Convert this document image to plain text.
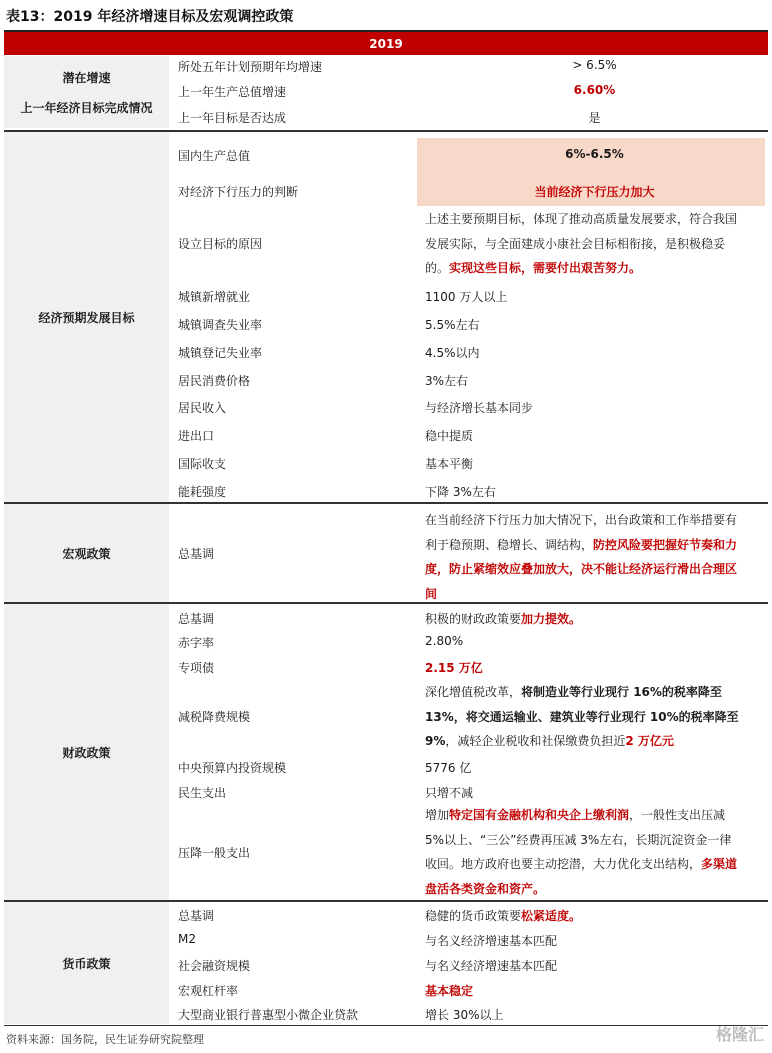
表13：2019 年经济增速目标及宏观调控政策
2019
潜在增速
上一年经济目标完成情况
所处五年计划预期年均增速	> 6.5%
上一年生产总值增速	6.60%
上一年目标是否达成	是
经济预期发展目标
国内生产总值	6%-6.5%
对经济下行压力的判断	当前经济下行压力加大
设立目标的原因
上述主要预期目标，体现了推动高质量发展要求，符合我国
发展实际，与全面建成小康社会目标相衔接，是积极稳妥
的。实现这些目标，需要付出艰苦努力。
城镇新增就业	1100 万人以上
城镇调查失业率	5.5%左右
城镇登记失业率	4.5%以内
居民消费价格	3%左右
居民收入	与经济增长基本同步
进出口	稳中提质
国际收支	基本平衡
能耗强度	下降 3%左右
宏观政策	总基调
在当前经济下行压力加大情况下，出台政策和工作举措要有
利于稳预期、稳增长、调结构，防控风险要把握好节奏和力
度，防止紧缩效应叠加放大，决不能让经济运行滑出合理区
间
财政政策
总基调	积极的财政政策要加力提效。
赤字率	2.80%
专项债	2.15 万亿
减税降费规模
深化增值税改革，将制造业等行业现行 16%的税率降至
13%，将交通运输业、建筑业等行业现行 10%的税率降至
9%，减轻企业税收和社保缴费负担近2 万亿元
中央预算内投资规模	5776 亿
民生支出	只增不减
压降一般支出
增加特定国有金融机构和央企上缴利润，一般性支出压减
5%以上、“三公”经费再压减 3%左右，长期沉淀资金一律
收回。地方政府也要主动挖潜，大力优化支出结构，多渠道
盘活各类资金和资产。
货币政策
总基调	稳健的货币政策要松紧适度。
M2	与名义经济增速基本匹配
社会融资规模	与名义经济增速基本匹配
宏观杠杆率	基本稳定
大型商业银行普惠型小微企业贷款	增长 30%以上
资料来源：国务院，民生证券研究院整理	格隆汇
